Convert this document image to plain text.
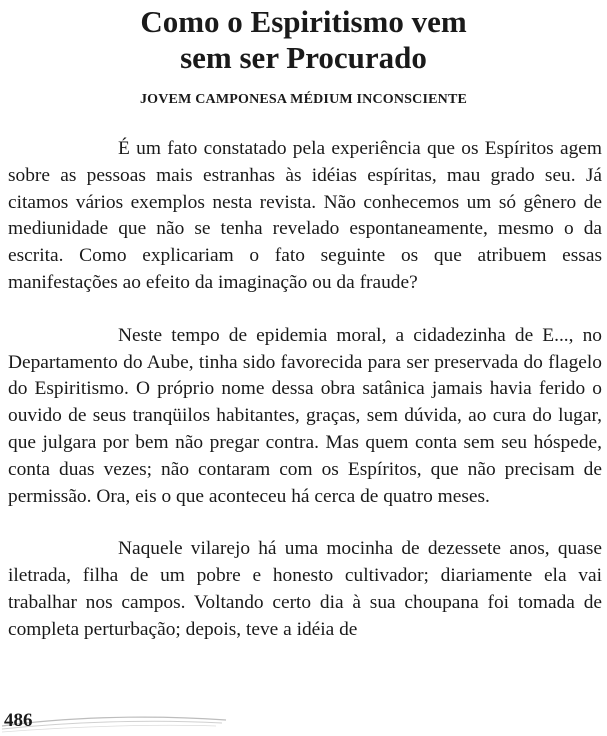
Como o Espiritismo vem
sem ser Procurado

JOVEM CAMPONESA MÉDIUM INCONSCIENTE

É um fato constatado pela experiência que os Espíritos agem sobre as pessoas mais estranhas às idéias espíritas, mau grado seu. Já citamos vários exemplos nesta revista. Não conhecemos um só gênero de mediunidade que não se tenha revelado espontaneamente, mesmo o da escrita. Como explicariam o fato seguinte os que atribuem essas manifestações ao efeito da imaginação ou da fraude?

Neste tempo de epidemia moral, a cidadezinha de E..., no Departamento do Aube, tinha sido favorecida para ser preservada do flagelo do Espiritismo. O próprio nome dessa obra satânica jamais havia ferido o ouvido de seus tranqüilos habitantes, graças, sem dúvida, ao cura do lugar, que julgara por bem não pregar contra. Mas quem conta sem seu hóspede, conta duas vezes; não contaram com os Espíritos, que não precisam de permissão. Ora, eis o que aconteceu há cerca de quatro meses.

Naquele vilarejo há uma mocinha de dezessete anos, quase iletrada, filha de um pobre e honesto cultivador; diariamente ela vai trabalhar nos campos. Voltando certo dia à sua choupana foi tomada de completa perturbação; depois, teve a idéia de

486
